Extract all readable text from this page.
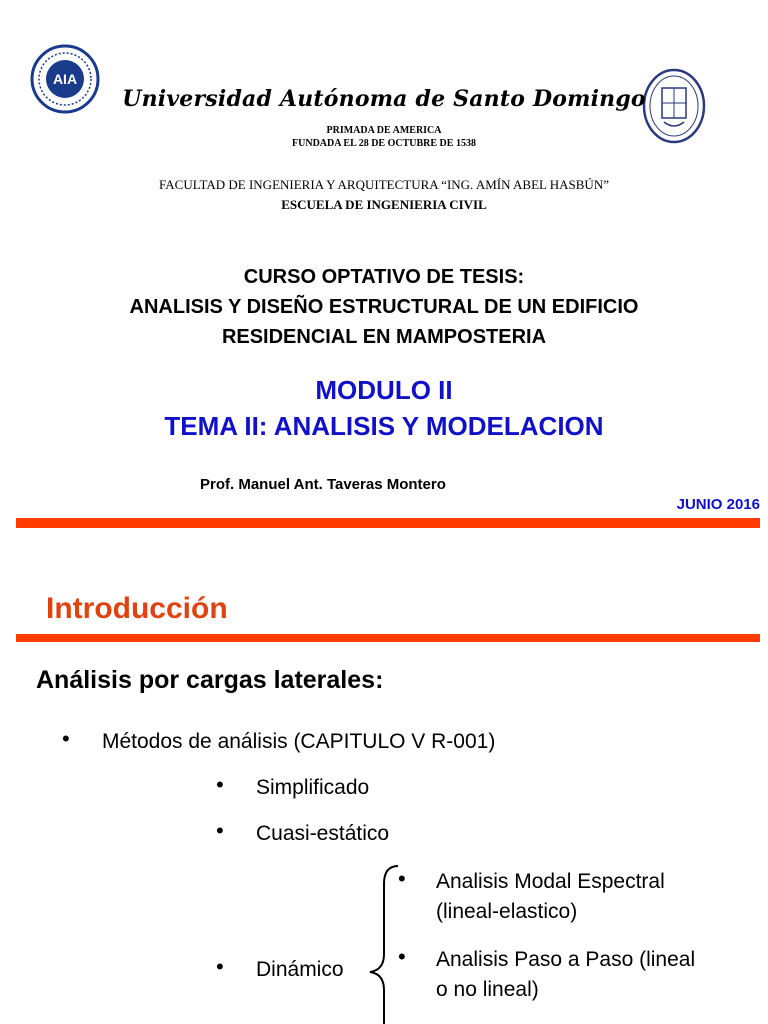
AIA
Universidad Autónoma de Santo Domingo
PRIMADA DE AMERICA
FUNDADA EL 28 DE OCTUBRE DE 1538
FACULTAD DE INGENIERIA Y ARQUITECTURA “ING. AMÍN ABEL HASBÚN”
ESCUELA DE INGENIERIA CIVIL
CURSO OPTATIVO DE TESIS:
ANALISIS Y DISEÑO ESTRUCTURAL DE UN EDIFICIO
RESIDENCIAL EN MAMPOSTERIA
MODULO II
TEMA II: ANALISIS Y MODELACION
Prof. Manuel Ant. Taveras Montero
JUNIO 2016
Introducción
Análisis por cargas laterales:
• Métodos de análisis (CAPITULO V R-001)
• Simplificado
• Cuasi-estático
• Dinámico
• Analisis Modal Espectral
(lineal-elastico)
• Analisis Paso a Paso (lineal
o no lineal)
